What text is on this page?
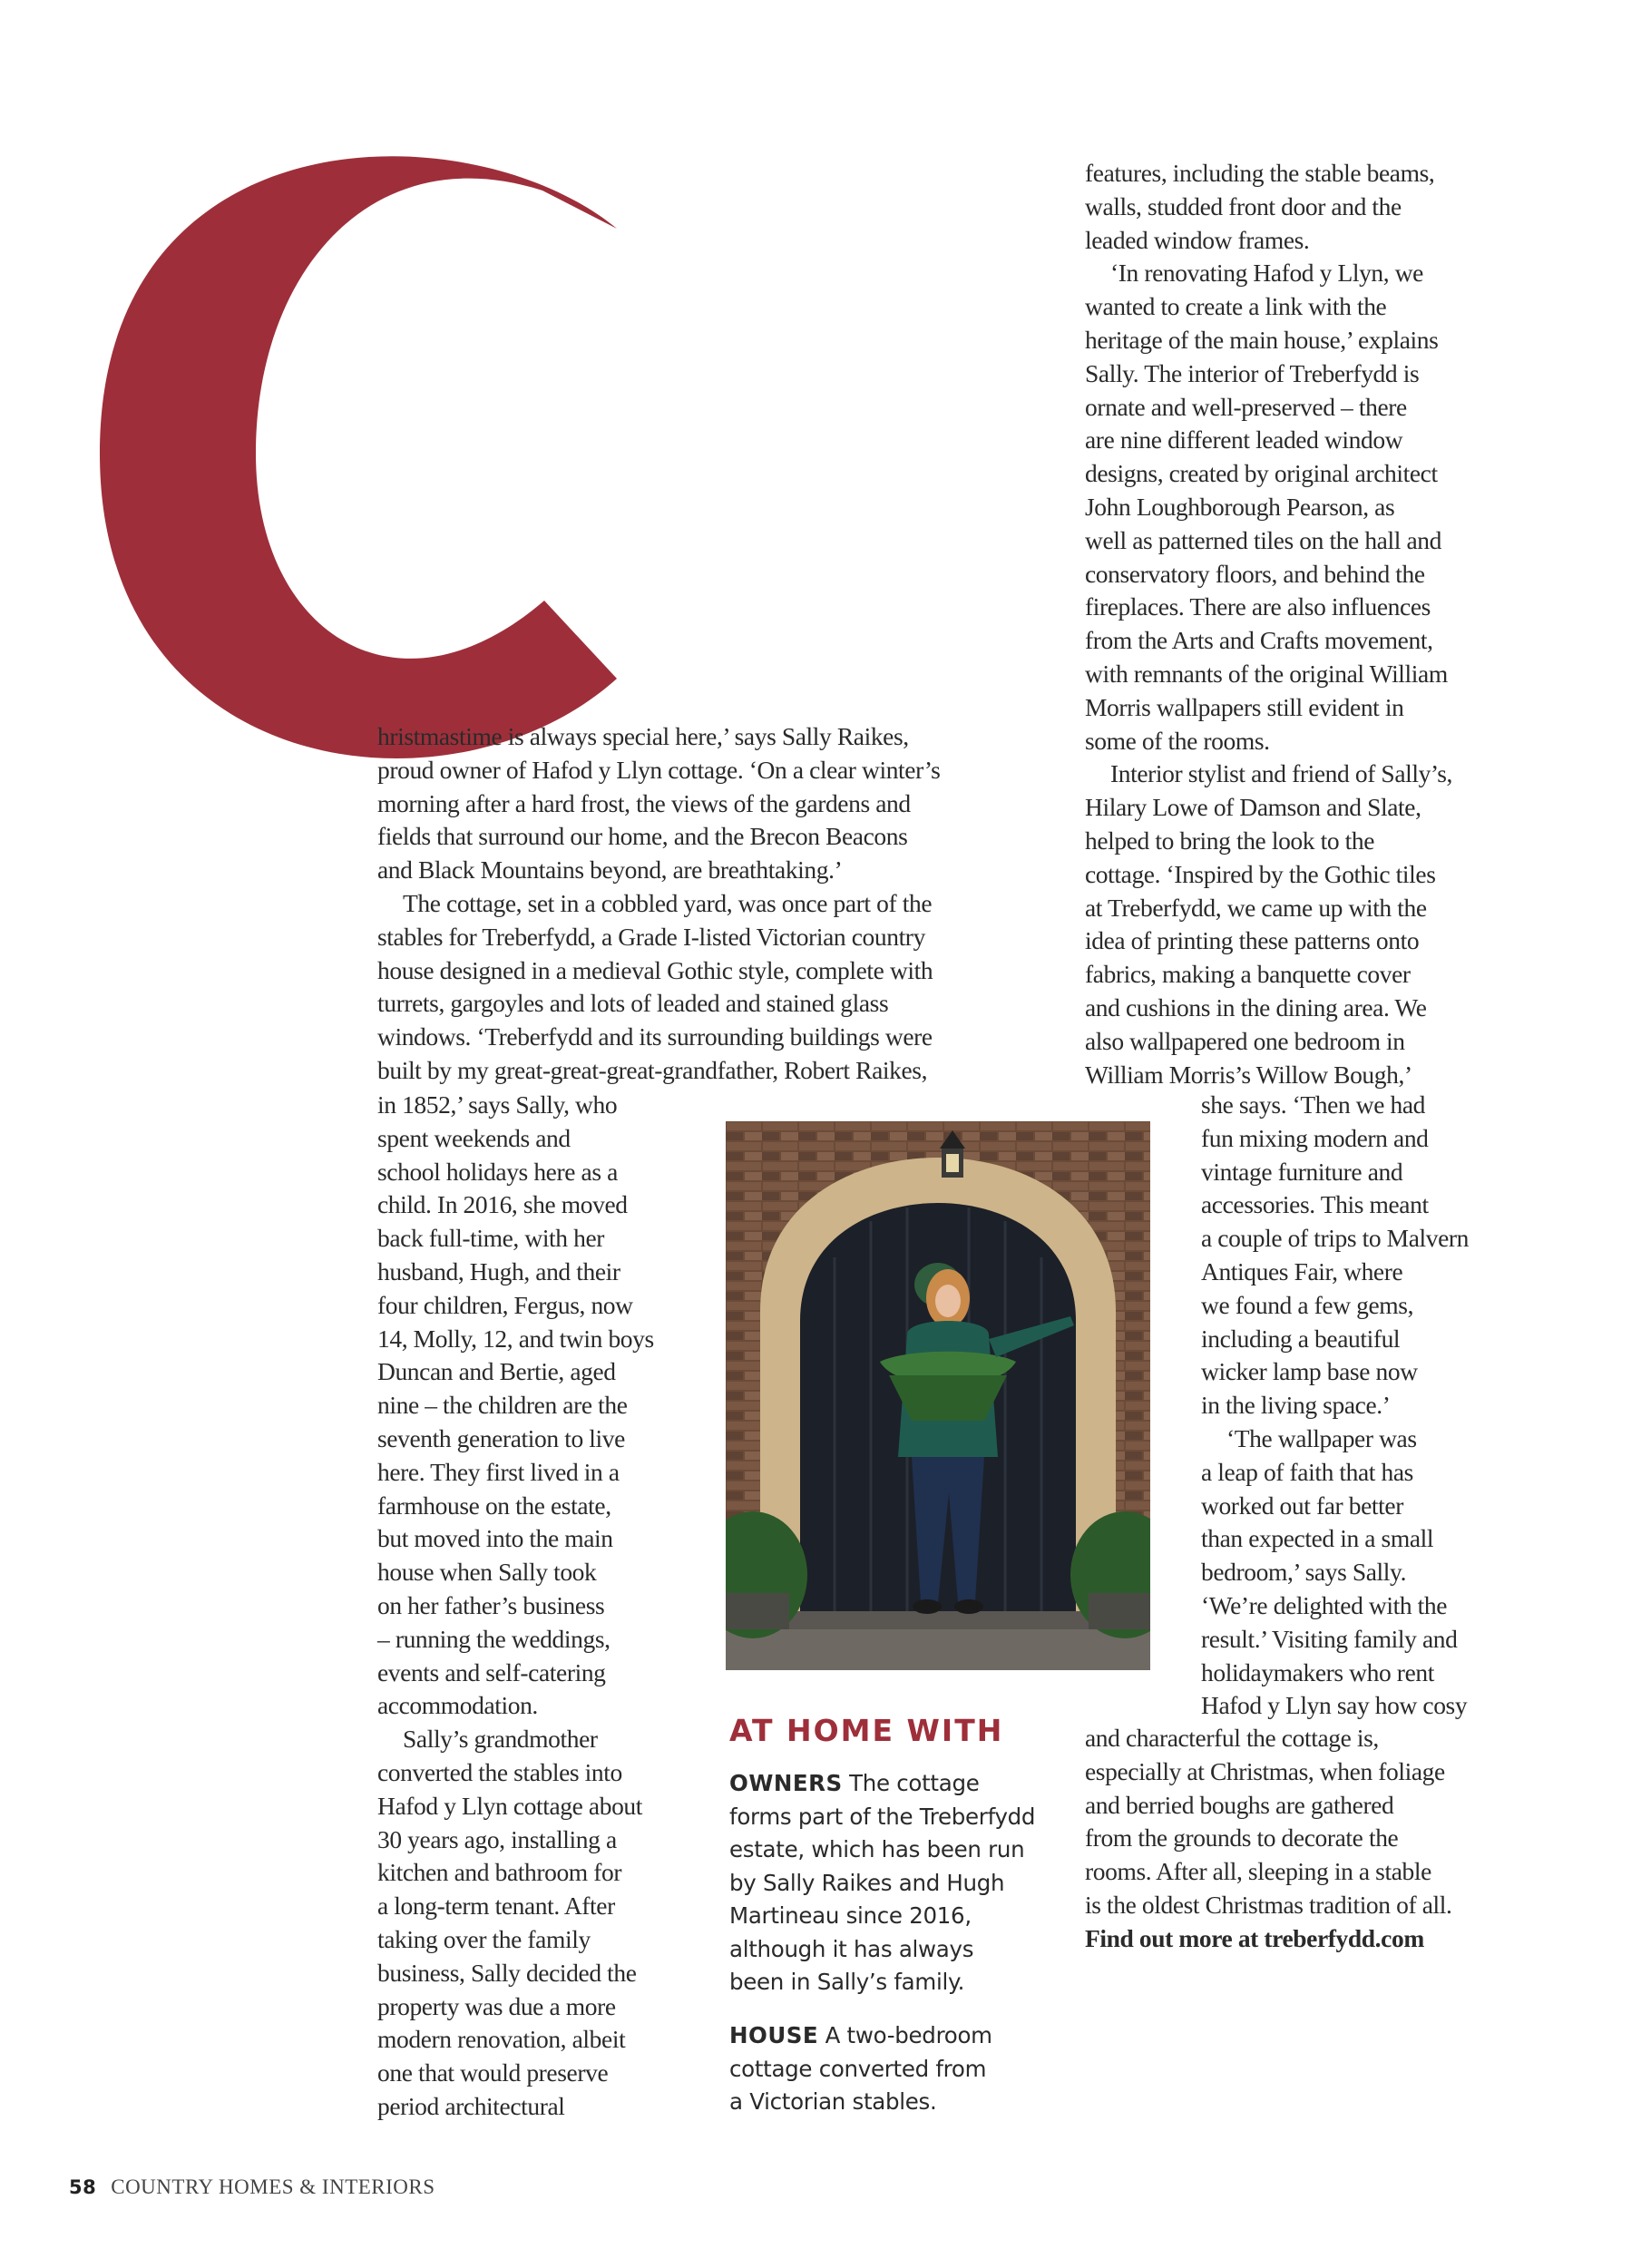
hristmastime is always special here,’ says Sally Raikes,

proud owner of Hafod y Llyn cottage. ‘On a clear winter’s

morning after a hard frost, the views of the gardens and

fields that surround our home, and the Brecon Beacons

and Black Mountains beyond, are breathtaking.’

The cottage, set in a cobbled yard, was once part of the

stables for Treberfydd, a Grade I-listed Victorian country

house designed in a medieval Gothic style, complete with

turrets, gargoyles and lots of leaded and stained glass

windows. ‘Treberfydd and its surrounding buildings were

built by my great-great-great-grandfather, Robert Raikes,

in 1852,’ says Sally, who

spent weekends and

school holidays here as a

child. In 2016, she moved

back full-time, with her

husband, Hugh, and their

four children, Fergus, now

14, Molly, 12, and twin boys

Duncan and Bertie, aged

nine – the children are the

seventh generation to live

here. They first lived in a

farmhouse on the estate,

but moved into the main

house when Sally took

on her father’s business

– running the weddings,

events and self-catering

accommodation.

Sally’s grandmother

converted the stables into

Hafod y Llyn cottage about

30 years ago, installing a

kitchen and bathroom for

a long-term tenant. After

taking over the family

business, Sally decided the

property was due a more

modern renovation, albeit

one that would preserve

period architectural

AT HOME WITH

OWNERS The cottage

forms part of the Treberfydd

estate, which has been run

by Sally Raikes and Hugh

Martineau since 2016,

although it has always

been in Sally’s family.

HOUSE A two-bedroom

cottage converted from

a Victorian stables.

features, including the stable beams,

walls, studded front door and the

leaded window frames.

‘In renovating Hafod y Llyn, we

wanted to create a link with the

heritage of the main house,’ explains

Sally. The interior of Treberfydd is

ornate and well-preserved – there

are nine different leaded window

designs, created by original architect

John Loughborough Pearson, as

well as patterned tiles on the hall and

conservatory floors, and behind the

fireplaces. There are also influences

from the Arts and Crafts movement,

with remnants of the original William

Morris wallpapers still evident in

some of the rooms.

Interior stylist and friend of Sally’s,

Hilary Lowe of Damson and Slate,

helped to bring the look to the

cottage. ‘Inspired by the Gothic tiles

at Treberfydd, we came up with the

idea of printing these patterns onto

fabrics, making a banquette cover

and cushions in the dining area. We

also wallpapered one bedroom in

William Morris’s Willow Bough,’

she says. ‘Then we had

fun mixing modern and

vintage furniture and

accessories. This meant

a couple of trips to Malvern

Antiques Fair, where

we found a few gems,

including a beautiful

wicker lamp base now

in the living space.’

‘The wallpaper was

a leap of faith that has

worked out far better

than expected in a small

bedroom,’ says Sally.

‘We’re delighted with the

result.’ Visiting family and

holidaymakers who rent

Hafod y Llyn say how cosy

and characterful the cottage is,

especially at Christmas, when foliage

and berried boughs are gathered

from the grounds to decorate the

rooms. After all, sleeping in a stable

is the oldest Christmas tradition of all.

Find out more at treberfydd.com

58 COUNTRY HOMES & INTERIORS
